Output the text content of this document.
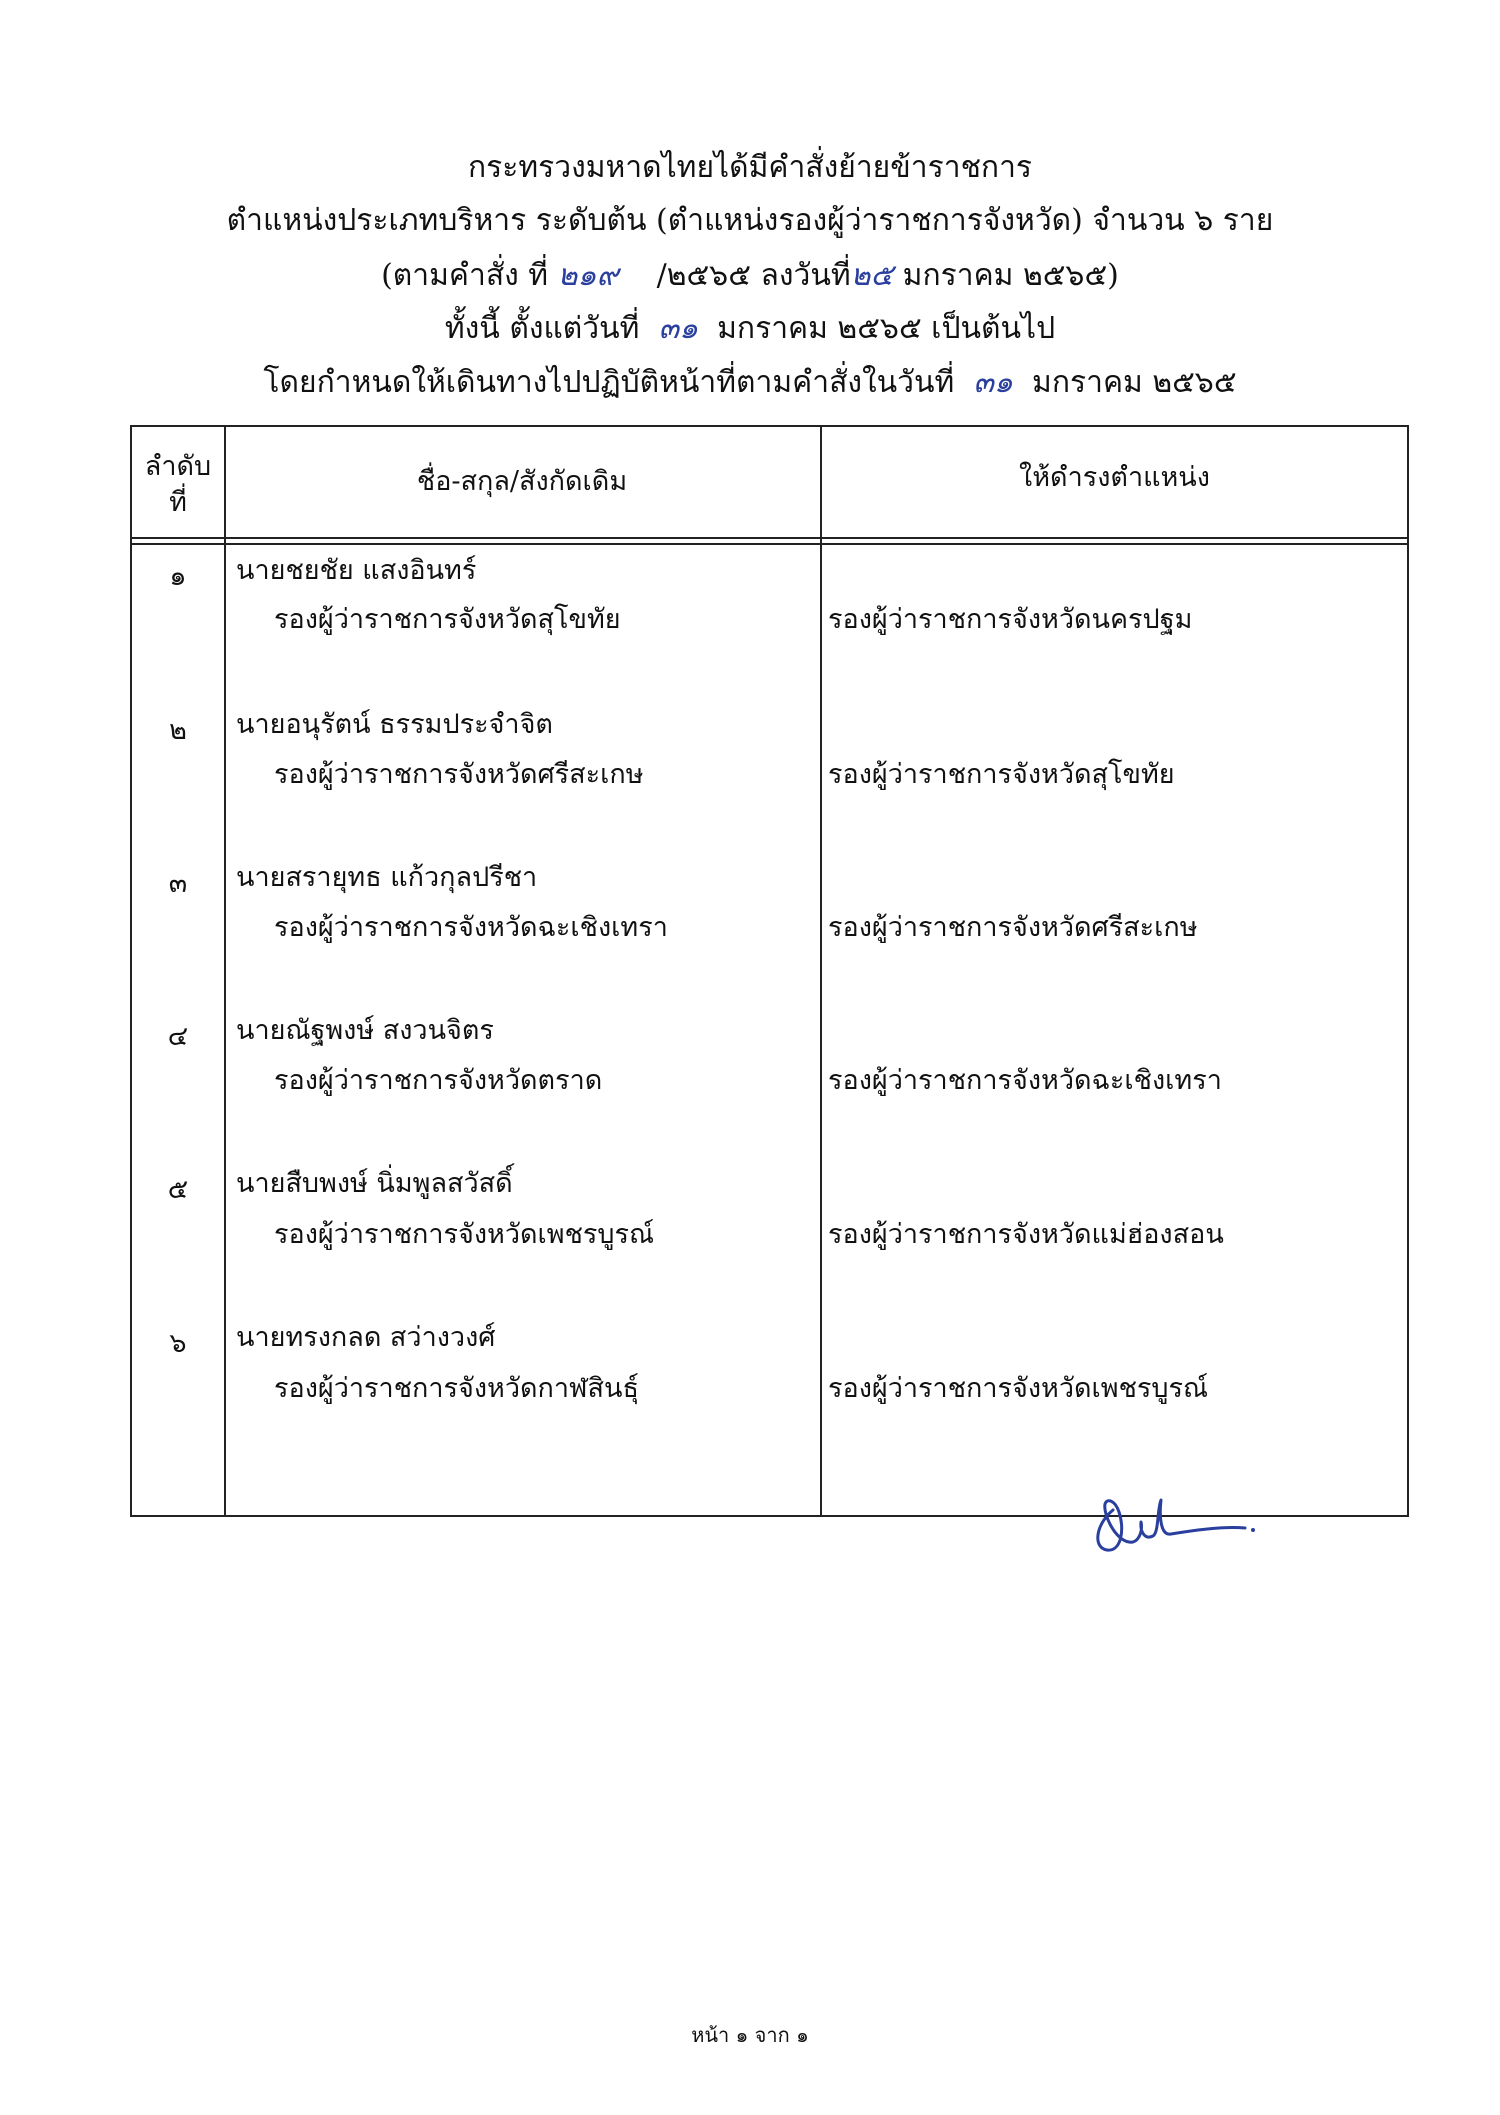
กระทรวงมหาดไทยได้มีคำสั่งย้ายข้าราชการ
ตำแหน่งประเภทบริหาร ระดับต้น (ตำแหน่งรองผู้ว่าราชการจังหวัด) จำนวน ๖ ราย
(ตามคำสั่ง ที่ ๒๑๙ /๒๕๖๕ ลงวันที่๒๕ มกราคม ๒๕๖๕)
ทั้งนี้ ตั้งแต่วันที่ ๓๑ มกราคม ๒๕๖๕ เป็นต้นไป
โดยกำหนดให้เดินทางไปปฏิบัติหน้าที่ตามคำสั่งในวันที่ ๓๑ มกราคม ๒๕๖๕
ลำดับ
ที่
ชื่อ-สกุล/สังกัดเดิม	ให้ดำรงตำแหน่ง
๑	นายชยชัย แสงอินทร์
รองผู้ว่าราชการจังหวัดสุโขทัย	รองผู้ว่าราชการจังหวัดนครปฐม
๒	นายอนุรัตน์ ธรรมประจำจิต
รองผู้ว่าราชการจังหวัดศรีสะเกษ	รองผู้ว่าราชการจังหวัดสุโขทัย
๓	นายสรายุทธ แก้วกุลปรีชา
รองผู้ว่าราชการจังหวัดฉะเชิงเทรา	รองผู้ว่าราชการจังหวัดศรีสะเกษ
๔	นายณัฐพงษ์ สงวนจิตร
รองผู้ว่าราชการจังหวัดตราด	รองผู้ว่าราชการจังหวัดฉะเชิงเทรา
๕	นายสืบพงษ์ นิ่มพูลสวัสดิ์
รองผู้ว่าราชการจังหวัดเพชรบูรณ์	รองผู้ว่าราชการจังหวัดแม่ฮ่องสอน
๖	นายทรงกลด สว่างวงศ์
รองผู้ว่าราชการจังหวัดกาฬสินธุ์	รองผู้ว่าราชการจังหวัดเพชรบูรณ์
หน้า ๑ จาก ๑
